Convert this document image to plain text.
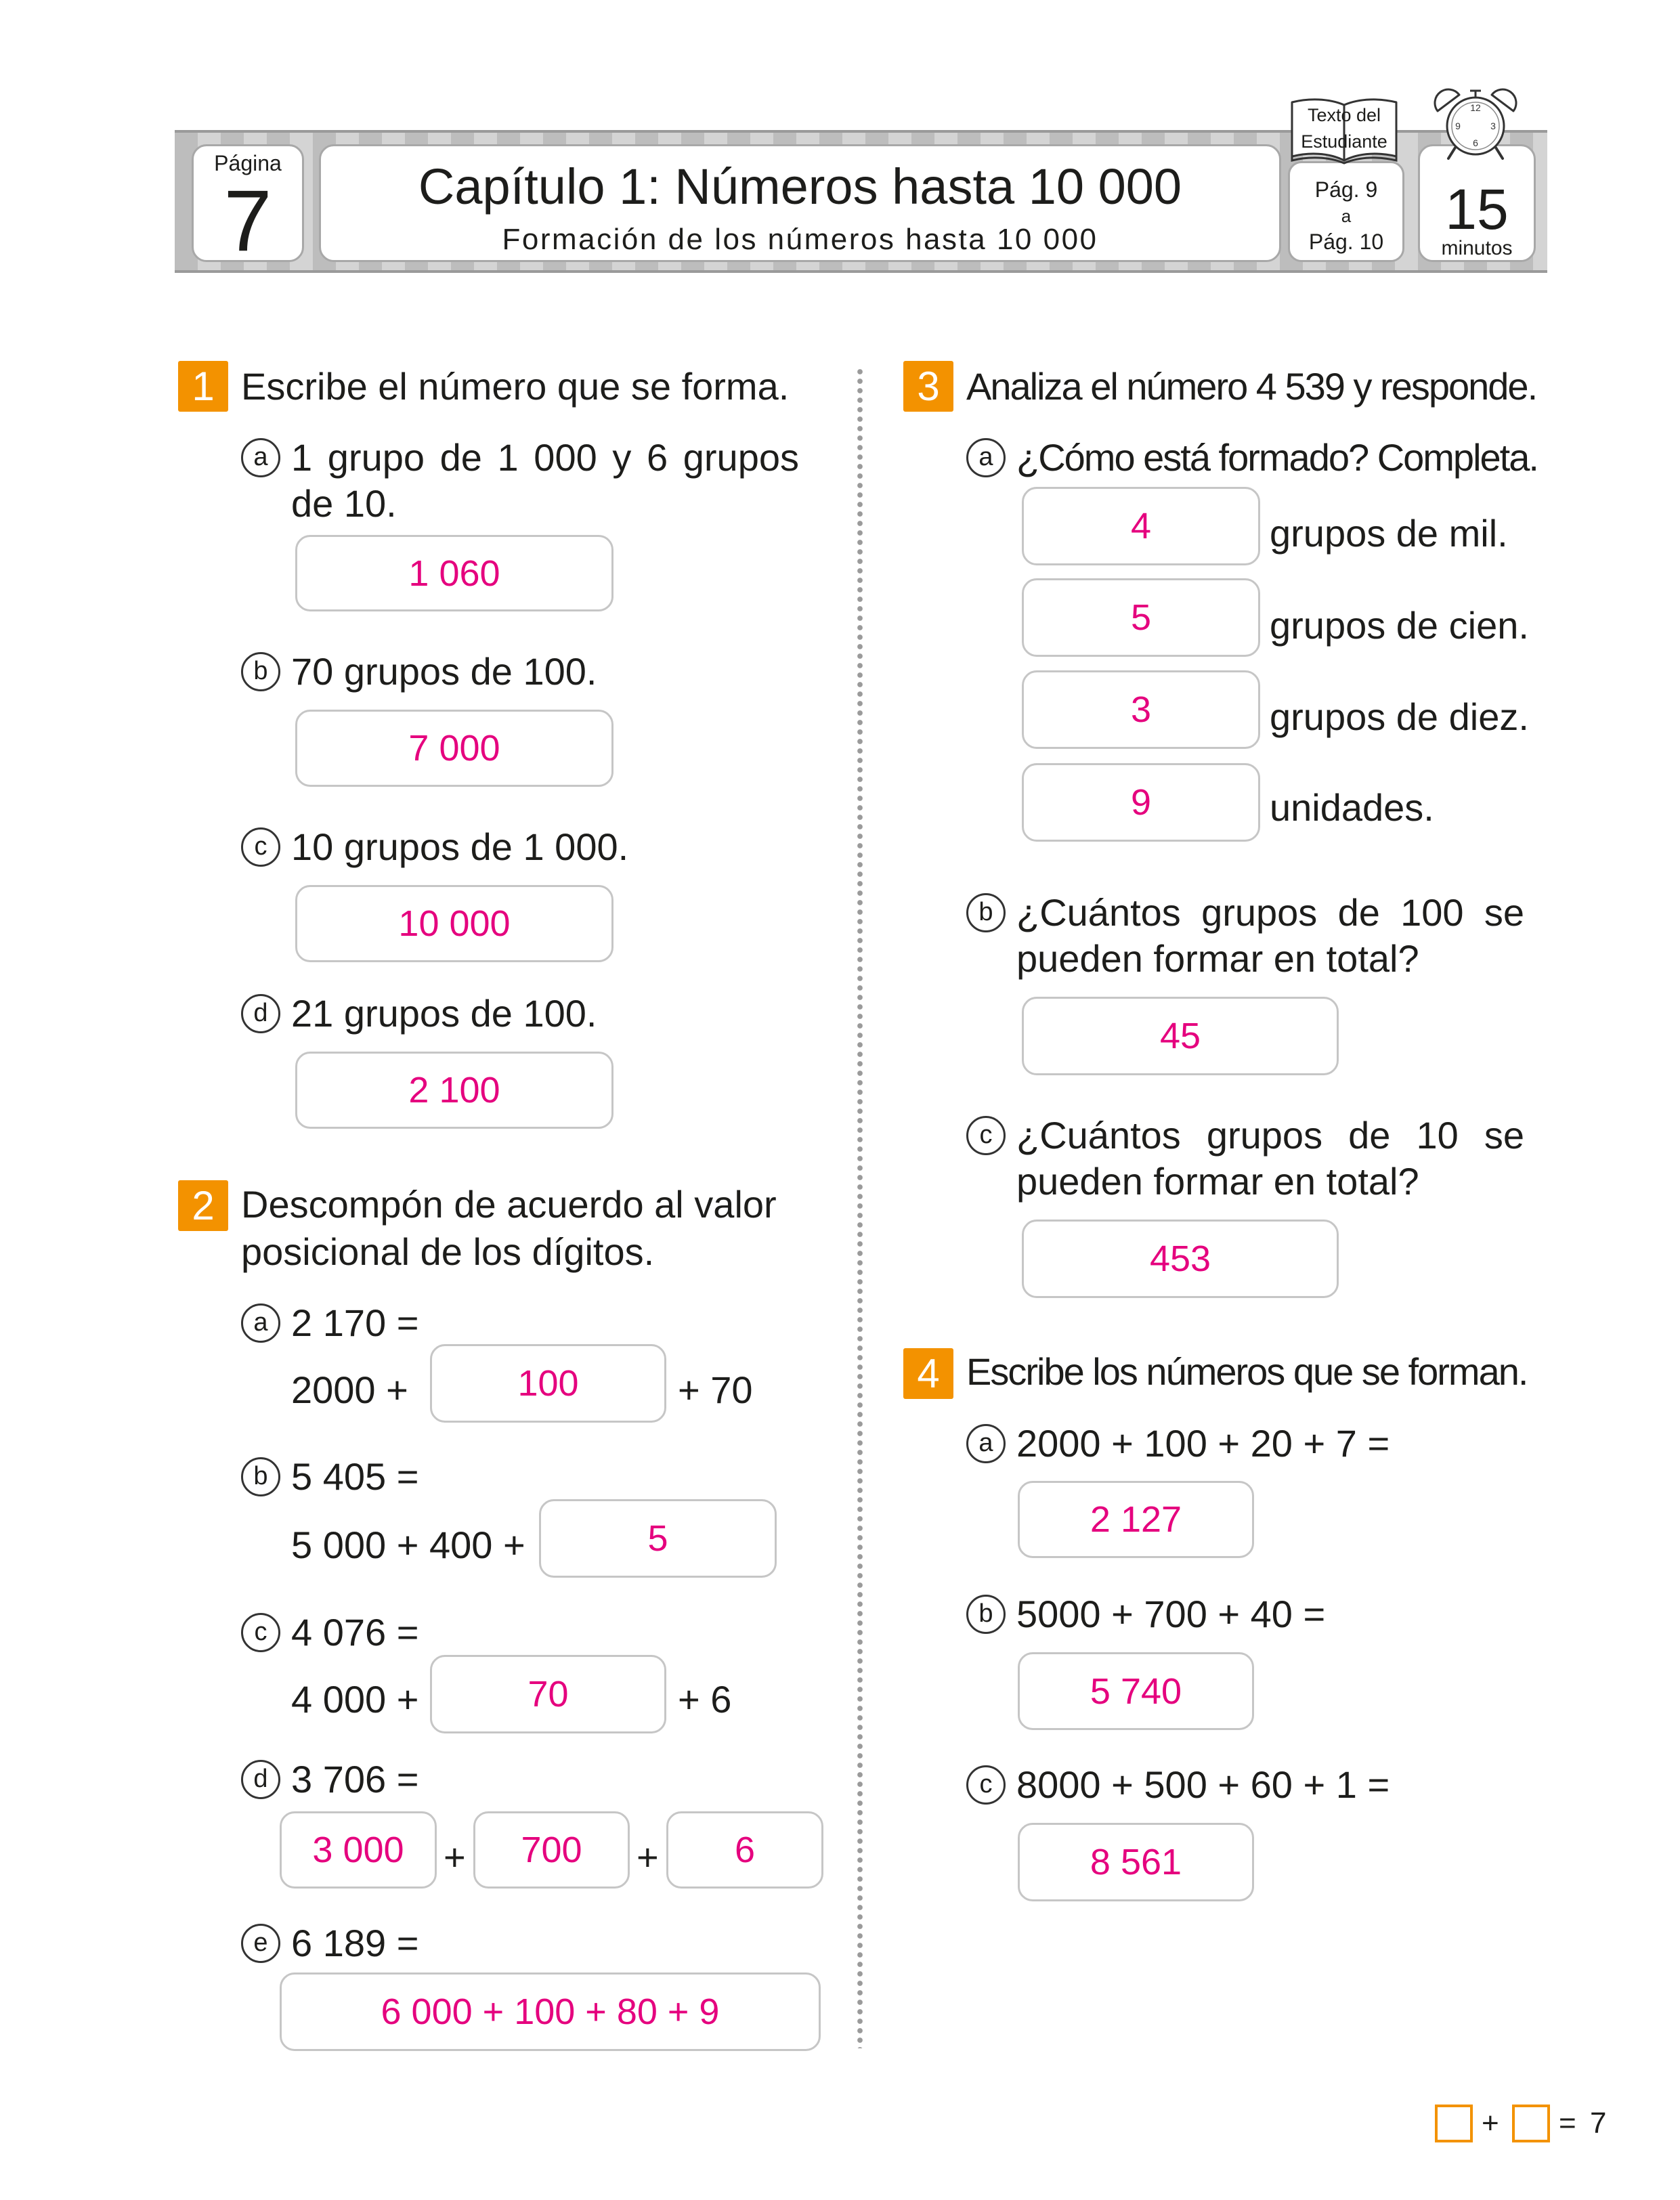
Página
7	Capítulo 1: Números hasta 10 000
Formación de los números hasta 10 000
Pág. 9
a
Pág. 10
Texto del
Estudiante
15
minutos
12
3
6
9
1 Escribe el número que se forma.
a 1 grupo de 1 000 y 6 grupos de 10.
1 060
b 70 grupos de 100.
7 000
c 10 grupos de 1 000.
10 000
d 21 grupos de 100.
2 100
2 Descompón de acuerdo al valor posicional de los dígitos.
a 2 170 =
2000 +	100	+ 70
b 5 405 =
5 000 + 400 +	5
c 4 076 =
4 000 +	70	+ 6
d 3 706 =
3 000 + 700 + 6
e 6 189 =
6 000 + 100 + 80 + 9
3 Analiza el número 4 539 y responde.
a ¿Cómo está formado? Completa.
4	grupos de mil.
5	grupos de cien.
3	grupos de diez.
9	unidades.
b ¿Cuántos grupos de 100 se pueden formar en total?
45
c ¿Cuántos grupos de 10 se pueden formar en total?
453
4 Escribe los números que se forman.
a 2000 + 100 + 20 + 7 =
2 127
b 5000 + 700 + 40 =
5 740
c 8000 + 500 + 60 + 1 =
8 561
+ = 7
